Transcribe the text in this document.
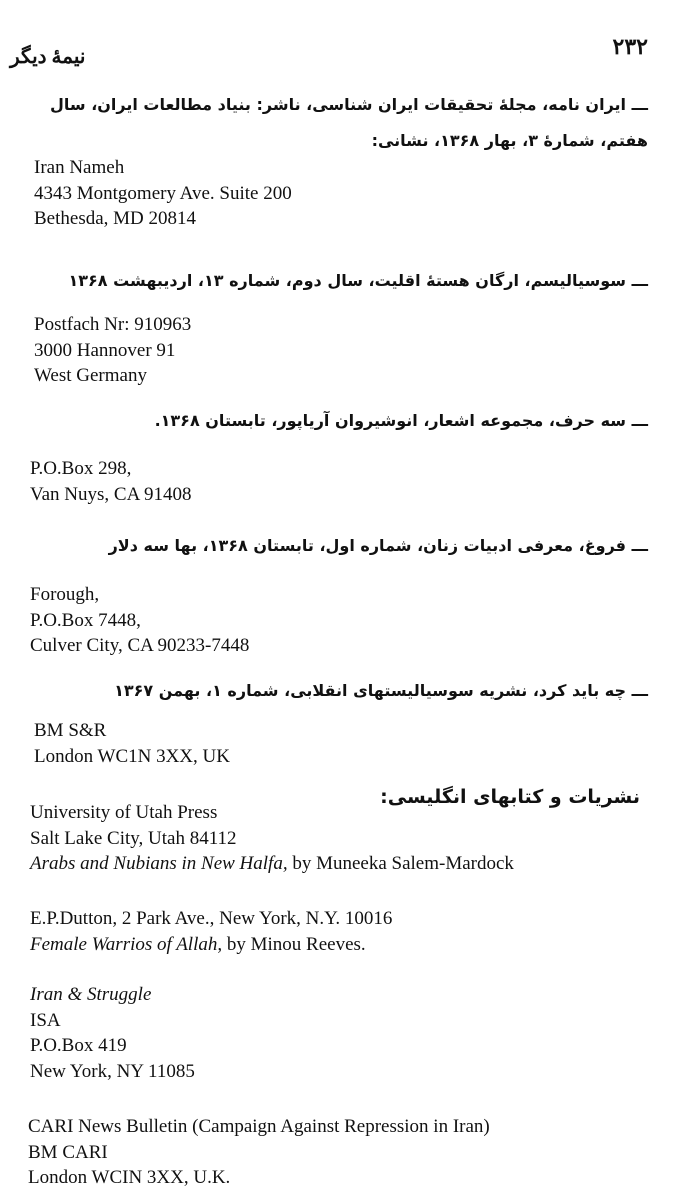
۲۳۲
نیمهٔ دیگر
ـــ ایران نامه، مجلهٔ تحقیقات ایران شناسی، ناشر: بنیاد مطالعات ایران، سال
هفتم، شمارهٔ ۳، بهار ۱۳۶۸، نشانی:
Iran Nameh
4343 Montgomery Ave. Suite 200
Bethesda, MD 20814
ـــ سوسیالیسم، ارگان هستهٔ اقلیت، سال دوم، شماره ۱۳، اردیبهشت ۱۳۶۸
Postfach Nr: 910963
3000 Hannover 91
West Germany
ـــ سه حرف، مجموعه اشعار، انوشیروان آریاپور، تابستان ۱۳۶۸.
P.O.Box 298,
Van Nuys, CA 91408
ـــ فروغ، معرفی ادبیات زنان، شماره اول، تابستان ۱۳۶۸، بها سه دلار
Forough,
P.O.Box 7448,
Culver City, CA 90233-7448
ـــ چه باید کرد، نشریه سوسیالیستهای انقلابی، شماره ۱، بهمن ۱۳۶۷
BM S&R
London WC1N 3XX, UK
نشریات و کتابهای انگلیسی:
University of Utah Press
Salt Lake City, Utah 84112
Arabs and Nubians in New Halfa, by Muneeka Salem-Mardock
E.P.Dutton, 2 Park Ave., New York, N.Y. 10016
Female Warrios of Allah, by Minou Reeves.
Iran & Struggle
ISA
P.O.Box 419
New York, NY 11085
CARI News Bulletin (Campaign Against Repression in Iran)
BM CARI
London WCIN 3XX, U.K.
